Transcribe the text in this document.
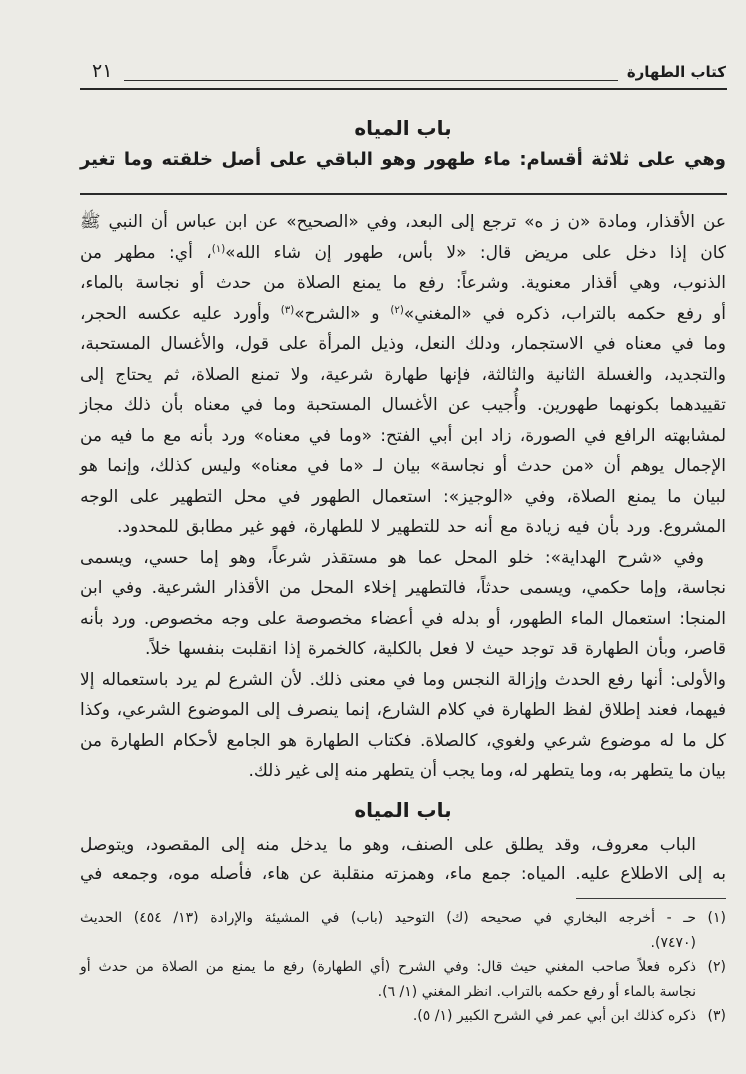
كتاب الطهارة
٢١
باب المياه
وهي على ثلاثة أقسام: ماء طهور وهو الباقي على أصل خلقته وما تغير
عن الأقذار، ومادة «ن ز ه» ترجع إلى البعد، وفي «الصحيح» عن ابن عباس أن النبي ﷺ
كان إذا دخل على مريض قال: «لا بأس، طهور إن شاء الله»$^{(١)}$، أي: مطهر من
الذنوب، وهي أقذار معنوية. وشرعاً: رفع ما يمنع الصلاة من حدث أو نجاسة بالماء،
أو رفع حكمه بالتراب، ذكره في «المغني»$^{(٢)}$ و «الشرح»$^{(٣)}$ وأورد عليه عكسه الحجر،
وما في معناه في الاستجمار، ودلك النعل، وذيل المرأة على قول، والأغسال المستحبة،
والتجديد، والغسلة الثانية والثالثة، فإنها طهارة شرعية، ولا تمنع الصلاة، ثم يحتاج إلى
تقييدهما بكونهما طهورين. وأُجيب عن الأغسال المستحبة وما في معناه بأن ذلك مجاز
لمشابهته الرافع في الصورة، زاد ابن أبي الفتح: «وما في معناه» ورد بأنه مع ما فيه من
الإجمال يوهم أن «من حدث أو نجاسة» بيان لـ «ما في معناه» وليس كذلك، وإنما هو
لبيان ما يمنع الصلاة، وفي «الوجيز»: استعمال الطهور في محل التطهير على الوجه
المشروع. ورد بأن فيه زيادة مع أنه حد للتطهير لا للطهارة، فهو غير مطابق للمحدود.
وفي «شرح الهداية»: خلو المحل عما هو مستقذر شرعاً، وهو إما حسي، ويسمى
نجاسة، وإما حكمي، ويسمى حدثاً، فالتطهير إخلاء المحل من الأقذار الشرعية. وفي ابن
المنجا: استعمال الماء الطهور، أو بدله في أعضاء مخصوصة على وجه مخصوص. ورد بأنه
قاصر، وبأن الطهارة قد توجد حيث لا فعل بالكلية، كالخمرة إذا انقلبت بنفسها خلاً.
والأولى: أنها رفع الحدث وإزالة النجس وما في معنى ذلك. لأن الشرع لم يرد باستعماله إلا
فيهما، فعند إطلاق لفظ الطهارة في كلام الشارع، إنما ينصرف إلى الموضوع الشرعي، وكذا
كل ما له موضوع شرعي ولغوي، كالصلاة. فكتاب الطهارة هو الجامع لأحكام الطهارة من
بيان ما يتطهر به، وما يتطهر له، وما يجب أن يتطهر منه إلى غير ذلك.
باب المياه
الباب معروف، وقد يطلق على الصنف، وهو ما يدخل منه إلى المقصود، ويتوصل
به إلى الاطلاع عليه. المياه: جمع ماء، وهمزته منقلبة عن هاء، فأصله موه، وجمعه في
(١)
حـ - أخرجه البخاري في صحيحه (ك) التوحيد (باب) في المشيئة والإرادة (١٣/ ٤٥٤) الحديث
(٧٤٧٠).
(٢)
ذكره فعلاً صاحب المغني حيث قال: وفي الشرح (أي الطهارة) رفع ما يمنع من الصلاة من حدث أو
نجاسة بالماء أو رفع حكمه بالتراب. انظر المغني (١/ ٦).
(٣)
ذكره كذلك ابن أبي عمر في الشرح الكبير (١/ ٥).
